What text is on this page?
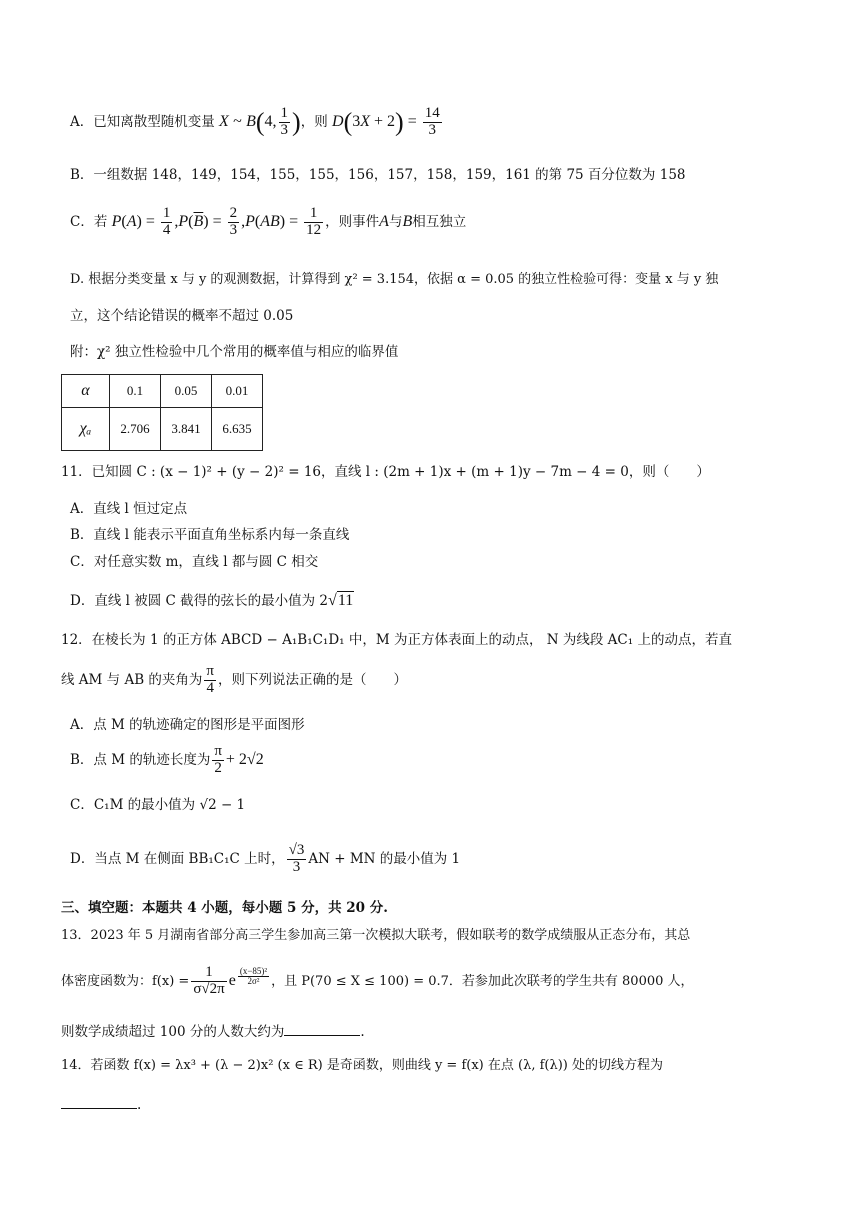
A．已知离散型随机变量 X ~ B(4, $\frac{1}{3}$ )，则 $D(3X + 2) = \frac{14}{3}$
B．一组数据 148，149，154，155，155，156，157，158，159，161 的第 75 百分位数为 158
C．若 $P(A) = \frac{1}{4} ,P(\overline{B}) = \frac{2}{3} ,P(AB) = \frac{1}{12}$ ，则事件A与B相互独立
D. 根据分类变量 x 与 y 的观测数据，计算得到 χ² = 3.154，依据 α = 0.05 的独立性检验可得：变量 x 与 y 独
立，这个结论错误的概率不超过 0.05
附：χ² 独立性检验中几个常用的概率值与相应的临界值
α	0.1	0.05	0.01
χₐ	2.706	3.841	6.635
11．已知圆 C : (x − 1)² + (y − 2)² = 16，直线 l : (2m + 1)x + (m + 1)y − 7m − 4 = 0，则（　　）
A．直线 l 恒过定点
B．直线 l 能表示平面直角坐标系内每一条直线
C．对任意实数 m，直线 l 都与圆 C 相交
D．直线 l 被圆 C 截得的弦长的最小值为 2√11
12．在棱长为 1 的正方体 ABCD − A₁B₁C₁D₁ 中，M 为正方体表面上的动点， N 为线段 AC₁ 上的动点，若直
线 AM 与 AB 的夹角为 $\frac{\pi}{4}$ ，则下列说法正确的是（　　）
A．点 M 的轨迹确定的图形是平面图形
B．点 M 的轨迹长度为 $\frac{\pi}{2} + 2√2$
C．C₁M 的最小值为 √2 − 1
D．当点 M 在侧面 BB₁C₁C 上时， $\frac{√3}{3}$ AN + MN 的最小值为 1
三、填空题：本题共 4 小题，每小题 5 分，共 20 分.
13．2023 年 5 月湖南省部分高三学生参加高三第一次模拟大联考，假如联考的数学成绩服从正态分布，其总
体密度函数为：$f(x) = \frac{1}{\sigma√2\pi}$ e $^{\frac{\text{(x−85)²}}{\text{2σ²}}}$ ，且 P(70 ≤ X ≤ 100) = 0.7．若参加此次联考的学生共有 80000 人，
则数学成绩超过 100 分的人数大约为	.
14．若函数 f(x) = λx³ + (λ − 2)x² (x ∈ R) 是奇函数，则曲线 y = f(x) 在点 (λ, f(λ)) 处的切线方程为
.
